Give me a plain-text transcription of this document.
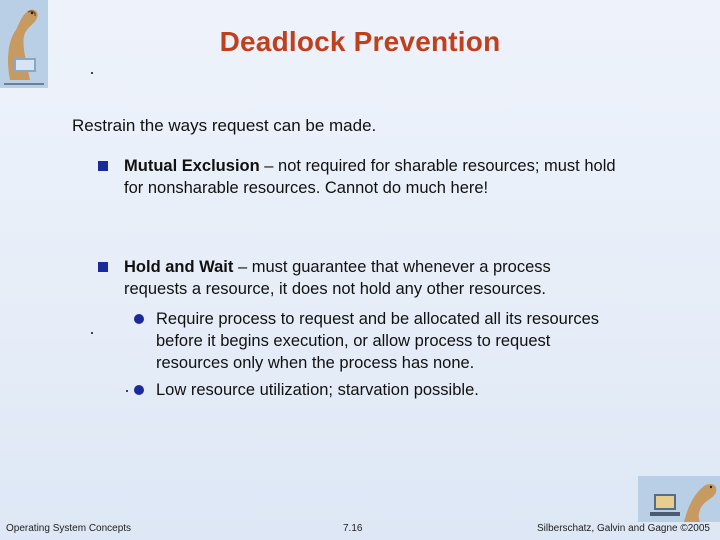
Deadlock Prevention
Restrain the ways request can be made.
Mutual Exclusion – not required for sharable resources; must hold for nonsharable resources. Cannot do much here!
Hold and Wait – must guarantee that whenever a process requests a resource, it does not hold any other resources.
Require process to request and be allocated all its resources before it begins execution, or allow process to request resources only when the process has none.
Low resource utilization; starvation possible.
Operating System Concepts	7.16	Silberschatz, Galvin and Gagne ©2005
